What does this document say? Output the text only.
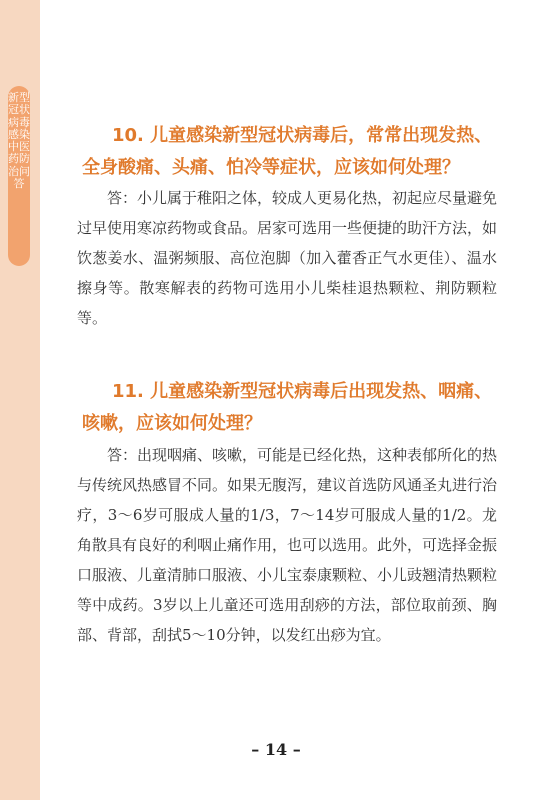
新型冠状病毒感染中医药防治问答
10. 儿童感染新型冠状病毒后，常常出现发热、全身酸痛、头痛、怕冷等症状，应该如何处理？
答：小儿属于稚阳之体，较成人更易化热，初起应尽量避免过早使用寒凉药物或食品。居家可选用一些便捷的助汗方法，如饮葱姜水、温粥频服、高位泡脚（加入藿香正气水更佳）、温水擦身等。散寒解表的药物可选用小儿柴桂退热颗粒、荆防颗粒等。
11. 儿童感染新型冠状病毒后出现发热、咽痛、咳嗽，应该如何处理？
答：出现咽痛、咳嗽，可能是已经化热，这种表郁所化的热与传统风热感冒不同。如果无腹泻，建议首选防风通圣丸进行治疗，3～6岁可服成人量的1/3，7～14岁可服成人量的1/2。龙角散具有良好的利咽止痛作用，也可以选用。此外，可选择金振口服液、儿童清肺口服液、小儿宝泰康颗粒、小儿豉翘清热颗粒等中成药。3岁以上儿童还可选用刮痧的方法，部位取前颈、胸部、背部，刮拭5～10分钟，以发红出痧为宜。
– 14 –
